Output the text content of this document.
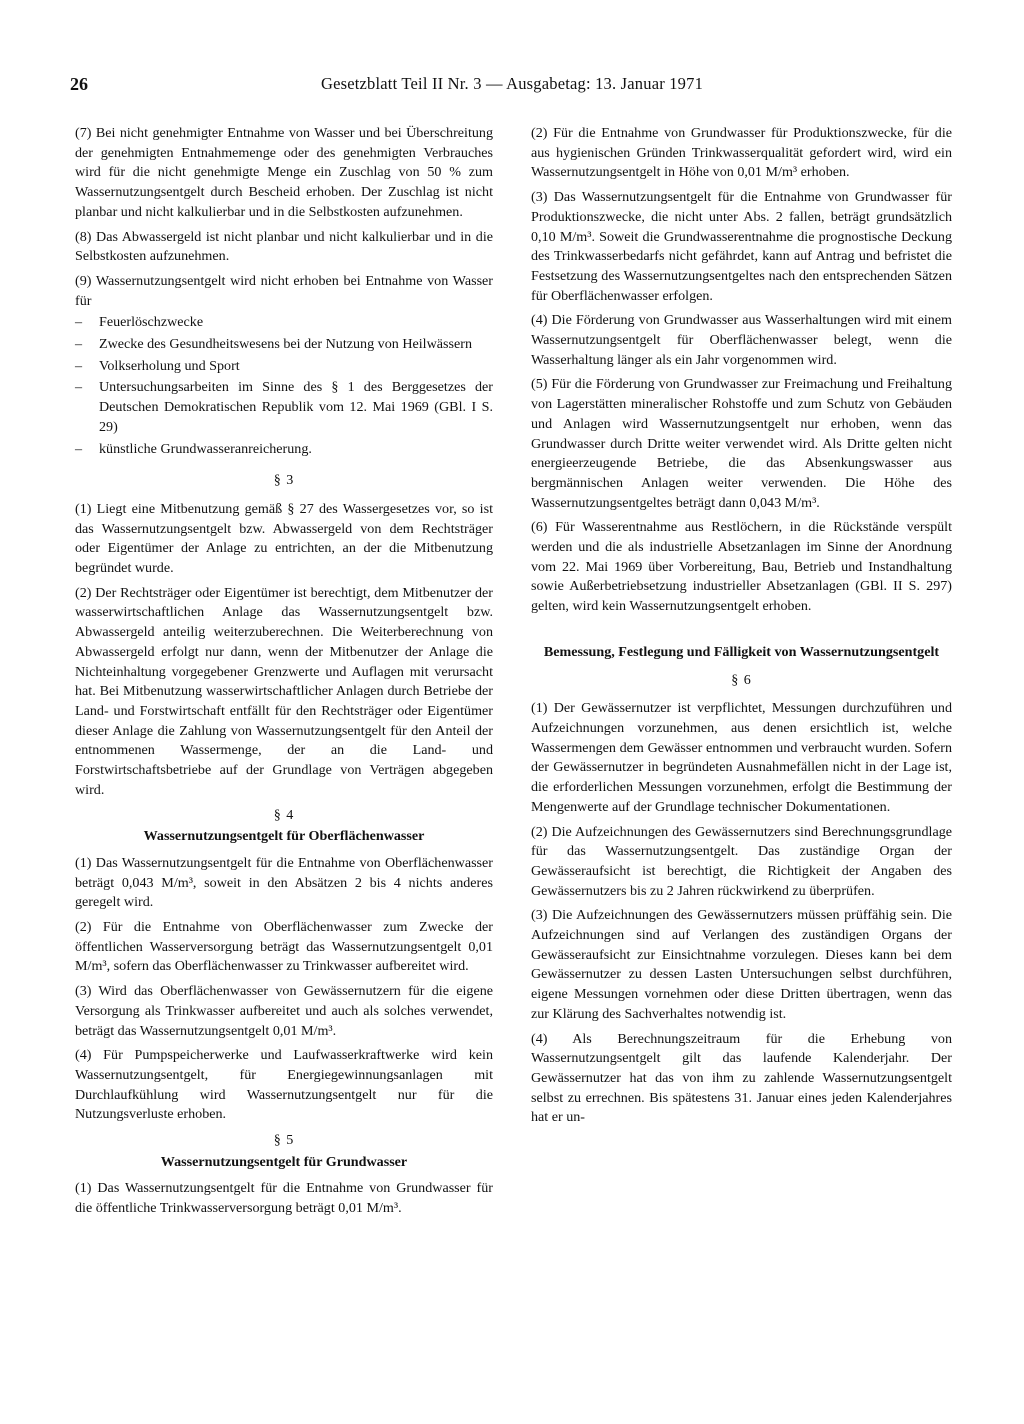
26	Gesetzblatt Teil II Nr. 3 — Ausgabetag: 13. Januar 1971

(7) Bei nicht genehmigter Entnahme von Wasser und bei Überschreitung der genehmigten Entnahmemenge oder des genehmigten Verbrauches wird für die nicht genehmigte Menge ein Zuschlag von 50 % zum Wassernutzungsentgelt durch Bescheid erhoben. Der Zuschlag ist nicht planbar und nicht kalkulierbar und in die Selbstkosten aufzunehmen.

(8) Das Abwassergeld ist nicht planbar und nicht kalkulierbar und in die Selbstkosten aufzunehmen.

(9) Wassernutzungsentgelt wird nicht erhoben bei Entnahme von Wasser für

– Feuerlöschzwecke
– Zwecke des Gesundheitswesens bei der Nutzung von Heilwässern
– Volkserholung und Sport
– Untersuchungsarbeiten im Sinne des § 1 des Berggesetzes der Deutschen Demokratischen Republik vom 12. Mai 1969 (GBl. I S. 29)
– künstliche Grundwasseranreicherung.
§ 3

(1) Liegt eine Mitbenutzung gemäß § 27 des Wassergesetzes vor, so ist das Wassernutzungsentgelt bzw. Abwassergeld von dem Rechtsträger oder Eigentümer der Anlage zu entrichten, an der die Mitbenutzung begründet wurde.

(2) Der Rechtsträger oder Eigentümer ist berechtigt, dem Mitbenutzer der wasserwirtschaftlichen Anlage das Wassernutzungsentgelt bzw. Abwassergeld anteilig weiterzuberechnen. Die Weiterberechnung von Abwassergeld erfolgt nur dann, wenn der Mitbenutzer der Anlage die Nichteinhaltung vorgegebener Grenzwerte und Auflagen mit verursacht hat. Bei Mitbenutzung wasserwirtschaftlicher Anlagen durch Betriebe der Land- und Forstwirtschaft entfällt für den Rechtsträger oder Eigentümer dieser Anlage die Zahlung von Wassernutzungsentgelt für den Anteil der entnommenen Wassermenge, der an die Land- und Forstwirtschaftsbetriebe auf der Grundlage von Verträgen abgegeben wird.

§ 4
Wassernutzungsentgelt für Oberflächenwasser

(1) Das Wassernutzungsentgelt für die Entnahme von Oberflächenwasser beträgt 0,043 M/m³, soweit in den Absätzen 2 bis 4 nichts anderes geregelt wird.

(2) Für die Entnahme von Oberflächenwasser zum Zwecke der öffentlichen Wasserversorgung beträgt das Wassernutzungsentgelt 0,01 M/m³, sofern das Oberflächenwasser zu Trinkwasser aufbereitet wird.

(3) Wird das Oberflächenwasser von Gewässernutzern für die eigene Versorgung als Trinkwasser aufbereitet und auch als solches verwendet, beträgt das Wassernutzungsentgelt 0,01 M/m³.

(4) Für Pumpspeicherwerke und Laufwasserkraftwerke wird kein Wassernutzungsentgelt, für Energiegewinnungsanlagen mit Durchlaufkühlung wird Wassernutzungsentgelt nur für die Nutzungsverluste erhoben.

§ 5
Wassernutzungsentgelt für Grundwasser

(1) Das Wassernutzungsentgelt für die Entnahme von Grundwasser für die öffentliche Trinkwasserversorgung beträgt 0,01 M/m³.

(2) Für die Entnahme von Grundwasser für Produktionszwecke, für die aus hygienischen Gründen Trinkwasserqualität gefordert wird, wird ein Wassernutzungsentgelt in Höhe von 0,01 M/m³ erhoben.

(3) Das Wassernutzungsentgelt für die Entnahme von Grundwasser für Produktionszwecke, die nicht unter Abs. 2 fallen, beträgt grundsätzlich 0,10 M/m³. Soweit die Grundwasserentnahme die prognostische Deckung des Trinkwasserbedarfs nicht gefährdet, kann auf Antrag und befristet die Festsetzung des Wassernutzungsentgeltes nach den entsprechenden Sätzen für Oberflächenwasser erfolgen.

(4) Die Förderung von Grundwasser aus Wasserhaltungen wird mit einem Wassernutzungsentgelt für Oberflächenwasser belegt, wenn die Wasserhaltung länger als ein Jahr vorgenommen wird.

(5) Für die Förderung von Grundwasser zur Freimachung und Freihaltung von Lagerstätten mineralischer Rohstoffe und zum Schutz von Gebäuden und Anlagen wird Wassernutzungsentgelt nur erhoben, wenn das Grundwasser durch Dritte weiter verwendet wird. Als Dritte gelten nicht energieerzeugende Betriebe, die das Absenkungswasser aus bergmännischen Anlagen weiter verwenden. Die Höhe des Wassernutzungsentgeltes beträgt dann 0,043 M/m³.

(6) Für Wasserentnahme aus Restlöchern, in die Rückstände verspült werden und die als industrielle Absetzanlagen im Sinne der Anordnung vom 22. Mai 1969 über Vorbereitung, Bau, Betrieb und Instandhaltung sowie Außerbetriebsetzung industrieller Absetzanlagen (GBl. II S. 297) gelten, wird kein Wassernutzungsentgelt erhoben.

Bemessung, Festlegung und Fälligkeit von Wassernutzungsentgelt
§ 6

(1) Der Gewässernutzer ist verpflichtet, Messungen durchzuführen und Aufzeichnungen vorzunehmen, aus denen ersichtlich ist, welche Wassermengen dem Gewässer entnommen und verbraucht wurden. Sofern der Gewässernutzer in begründeten Ausnahmefällen nicht in der Lage ist, die erforderlichen Messungen vorzunehmen, erfolgt die Bestimmung der Mengenwerte auf der Grundlage technischer Dokumentationen.

(2) Die Aufzeichnungen des Gewässernutzers sind Berechnungsgrundlage für das Wassernutzungsentgelt. Das zuständige Organ der Gewässeraufsicht ist berechtigt, die Richtigkeit der Angaben des Gewässernutzers bis zu 2 Jahren rückwirkend zu überprüfen.

(3) Die Aufzeichnungen des Gewässernutzers müssen prüffähig sein. Die Aufzeichnungen sind auf Verlangen des zuständigen Organs der Gewässeraufsicht zur Einsichtnahme vorzulegen. Dieses kann bei dem Gewässernutzer zu dessen Lasten Untersuchungen selbst durchführen, eigene Messungen vornehmen oder diese Dritten übertragen, wenn das zur Klärung des Sachverhaltes notwendig ist.

(4) Als Berechnungszeitraum für die Erhebung von Wassernutzungsentgelt gilt das laufende Kalenderjahr. Der Gewässernutzer hat das von ihm zu zahlende Wassernutzungsentgelt selbst zu errechnen. Bis spätestens 31. Januar eines jeden Kalenderjahres hat er un-
